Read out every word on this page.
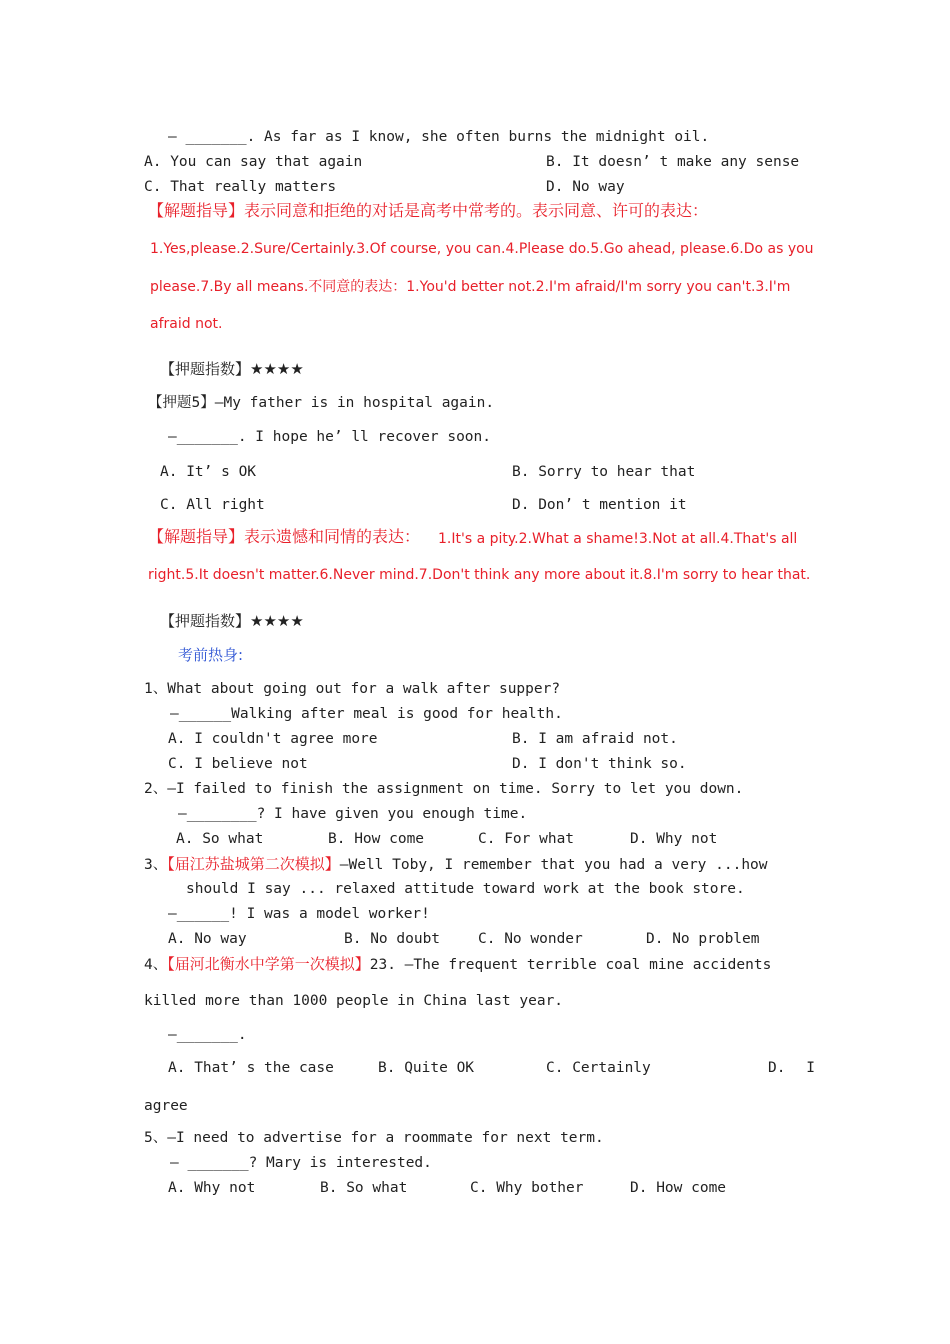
— _______. As far as I know, she often burns the midnight oil.
A. You can say that again	B. It doesn’ t make any sense
C. That really matters	D. No way
【解题指导】表示同意和拒绝的对话是高考中常考的。表示同意、许可的表达：
1.Yes,please.2.Sure/Certainly.3.Of course, you can.4.Please do.5.Go ahead, please.6.Do as you
please.7.By all means.不同意的表达：1.You'd better not.2.I'm afraid/I'm sorry you can't.3.I'm
afraid not.
【押题指数】★★★★
【押题5】—My father is in hospital again.
—_______. I hope he’ ll recover soon.
A. It’ s OK	B. Sorry to hear that
C. All right	D. Don’ t mention it
【解题指导】表示遗憾和同情的表达： 1.It's a pity.2.What a shame!3.Not at all.4.That's all
right.5.It doesn't matter.6.Never mind.7.Don't think any more about it.8.I'm sorry to hear that.
【押题指数】★★★★
考前热身:
1、What about going out for a walk after supper?
—______Walking after meal is good for health.
A. I couldn't agree more	B. I am afraid not.
C. I believe not	D. I don't think so.
2、—I failed to finish the assignment on time. Sorry to let you down.
—________? I have given you enough time.
A. So what	B. How come	C. For what	D. Why not
3、【届江苏盐城第二次模拟】—Well Toby, I remember that you had a very ...how
should I say ... relaxed attitude toward work at the book store.
—______! I was a model worker!
A. No way	B. No doubt	C. No wonder	D. No problem
4、【届河北衡水中学第一次模拟】23. —The frequent terrible coal mine accidents
killed more than 1000 people in China last year.
—_______.
A. That’ s the case	B. Quite OK	C. Certainly	D. I
agree
5、—I need to advertise for a roommate for next term.
— _______? Mary is interested.
A. Why not	B. So what	C. Why bother	D. How come
